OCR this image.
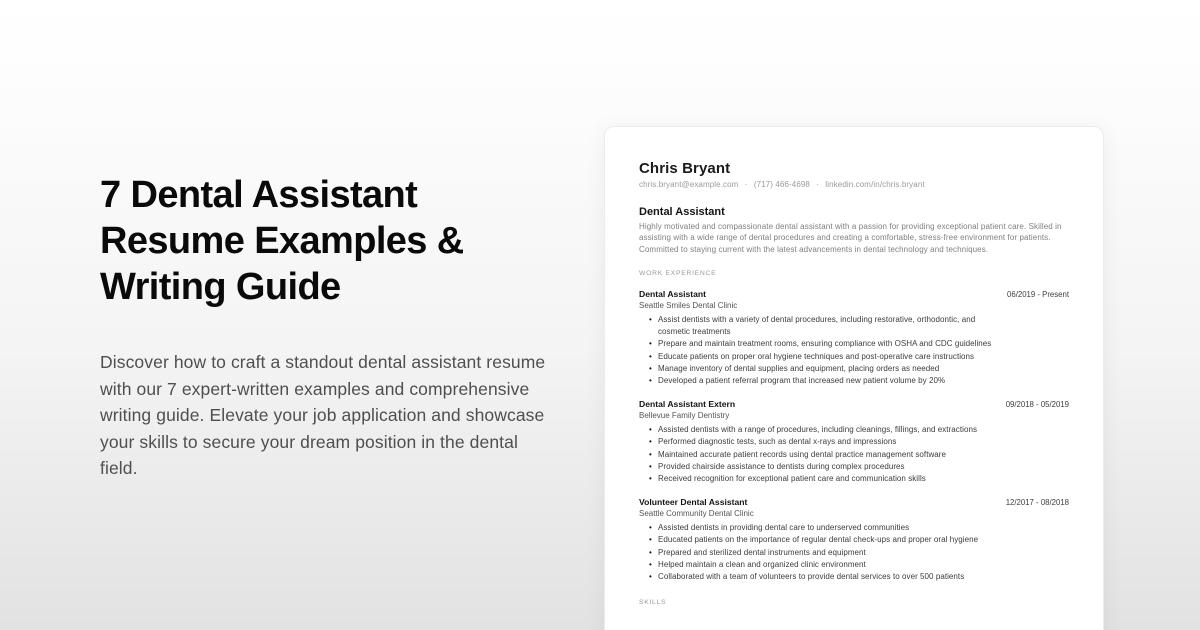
7 Dental Assistant
Resume Examples &
Writing Guide

Discover how to craft a standout dental assistant resume with our 7 expert-written examples and comprehensive writing guide. Elevate your job application and showcase your skills to secure your dream position in the dental field.

Chris Bryant
chris.bryant@example.com · (717) 466-4698 · linkedin.com/in/chris.bryant
Dental Assistant

Highly motivated and compassionate dental assistant with a passion for providing exceptional patient care. Skilled in assisting with a wide range of dental procedures and creating a comfortable, stress-free environment for patients. Committed to staying current with the latest advancements in dental technology and techniques.

WORK EXPERIENCE
Dental Assistant	06/2019 - Present
Seattle Smiles Dental Clinic
• Assist dentists with a variety of dental procedures, including restorative, orthodontic, and cosmetic treatments
• Prepare and maintain treatment rooms, ensuring compliance with OSHA and CDC guidelines
• Educate patients on proper oral hygiene techniques and post-operative care instructions
• Manage inventory of dental supplies and equipment, placing orders as needed
• Developed a patient referral program that increased new patient volume by 20%
Dental Assistant Extern	09/2018 - 05/2019
Bellevue Family Dentistry
• Assisted dentists with a range of procedures, including cleanings, fillings, and extractions
• Performed diagnostic tests, such as dental x-rays and impressions
• Maintained accurate patient records using dental practice management software
• Provided chairside assistance to dentists during complex procedures
• Received recognition for exceptional patient care and communication skills
Volunteer Dental Assistant	12/2017 - 08/2018
Seattle Community Dental Clinic
• Assisted dentists in providing dental care to underserved communities
• Educated patients on the importance of regular dental check-ups and proper oral hygiene
• Prepared and sterilized dental instruments and equipment
• Helped maintain a clean and organized clinic environment
• Collaborated with a team of volunteers to provide dental services to over 500 patients
SKILLS
